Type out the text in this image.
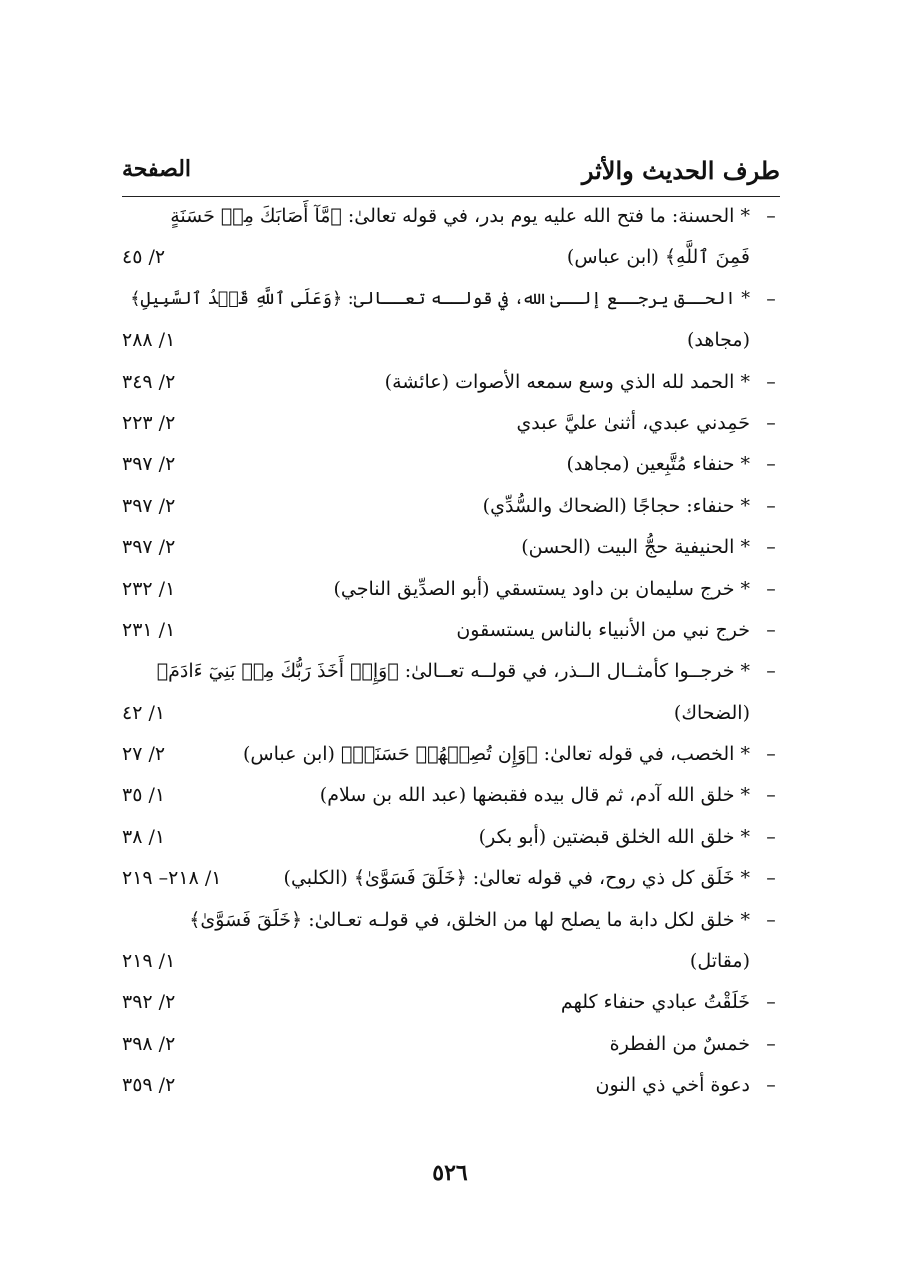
طرف الحديث والأثر
الصفحة
–
* الحسنة: ما فتح الله عليه يوم بدر، في قوله تعالىٰ: ﴿مَّآ أَصَابَكَ مِنۡ حَسَنَةٍ
فَمِنَ ٱللَّهِ﴾ (ابن عباس)
٢/ ٤٥
–
* الحــق يرجــع إلــىٰ الله، في قولــه تعــالىٰ: ﴿وَعَلَى ٱللَّهِ قَصۡدُ ٱلسَّبِيلِ﴾
(مجاهد)
١/ ٢٨٨
–
* الحمد لله الذي وسع سمعه الأصوات (عائشة)
٢/ ٣٤٩
–
حَمِدني عبدي، أثنىٰ عليَّ عبدي
٢/ ٢٢٣
–
* حنفاء مُتَّبِعين (مجاهد)
٢/ ٣٩٧
–
* حنفاء: حجاجًا (الضحاك والسُّدِّي)
٢/ ٣٩٧
–
* الحنيفية حجُّ البيت (الحسن)
٢/ ٣٩٧
–
* خرج سليمان بن داود يستسقي (أبو الصدِّيق الناجي)
١/ ٢٣٢
–
خرج نبي من الأنبياء بالناس يستسقون
١/ ٢٣١
–
* خرجــوا كأمثــال الــذر، في قولــه تعــالىٰ: ﴿وَإِذۡ أَخَذَ رَبُّكَ مِنۢ بَنِيٓ ءَادَمَ﴾
(الضحاك)
١/ ٤٢
–
* الخصب، في قوله تعالىٰ: ﴿وَإِن تُصِبۡهُمۡ حَسَنَةٞ﴾ (ابن عباس)
٢/ ٢٧
–
* خلق الله آدم، ثم قال بيده فقبضها (عبد الله بن سلام)
١/ ٣٥
–
* خلق الله الخلق قبضتين (أبو بكر)
١/ ٣٨
–
* خَلَق كل ذي روح، في قوله تعالىٰ: ﴿خَلَقَ فَسَوَّىٰ﴾ (الكلبي)
١/ ٢١٨– ٢١٩
–
* خلق لكل دابة ما يصلح لها من الخلق، في قولـه تعـالىٰ: ﴿خَلَقَ فَسَوَّىٰ﴾
(مقاتل)
١/ ٢١٩
–
خَلَقْتُ عبادي حنفاء كلهم
٢/ ٣٩٢
–
خمسٌ من الفطرة
٢/ ٣٩٨
–
دعوة أخي ذي النون
٢/ ٣٥٩
٥٢٦
